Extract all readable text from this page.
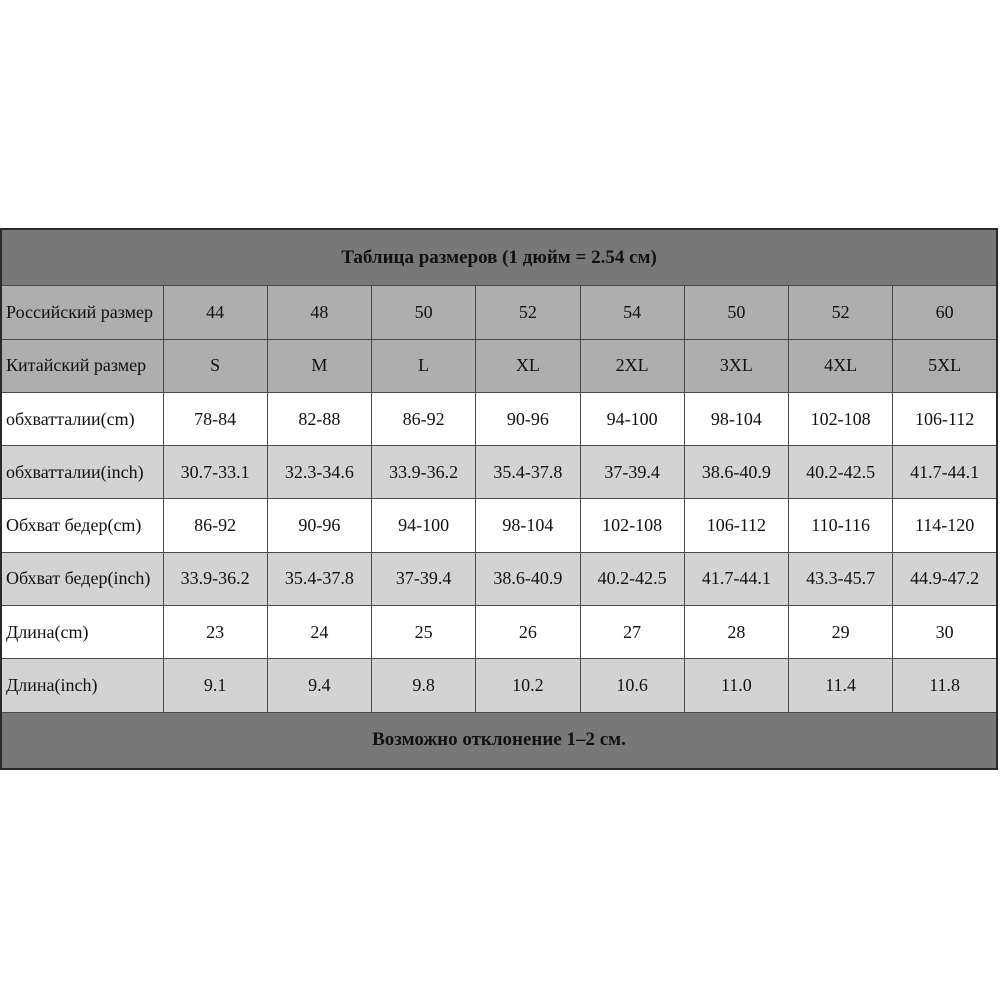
Таблица размеров (1 дюйм = 2.54 см)								
Российский размер	44	48	50	52	54	50	52	60
Китайский размер	S	M	L	XL	2XL	3XL	4XL	5XL
обхватталии(cm)	78-84	82-88	86-92	90-96	94-100	98-104	102-108	106-112
обхватталии(inch)	30.7-33.1	32.3-34.6	33.9-36.2	35.4-37.8	37-39.4	38.6-40.9	40.2-42.5	41.7-44.1
Обхват бедер(cm)	86-92	90-96	94-100	98-104	102-108	106-112	110-116	114-120
Обхват бедер(inch)	33.9-36.2	35.4-37.8	37-39.4	38.6-40.9	40.2-42.5	41.7-44.1	43.3-45.7	44.9-47.2
Длина(cm)	23	24	25	26	27	28	29	30
Длина(inch)	9.1	9.4	9.8	10.2	10.6	11.0	11.4	11.8
Возможно отклонение 1–2 см.								
